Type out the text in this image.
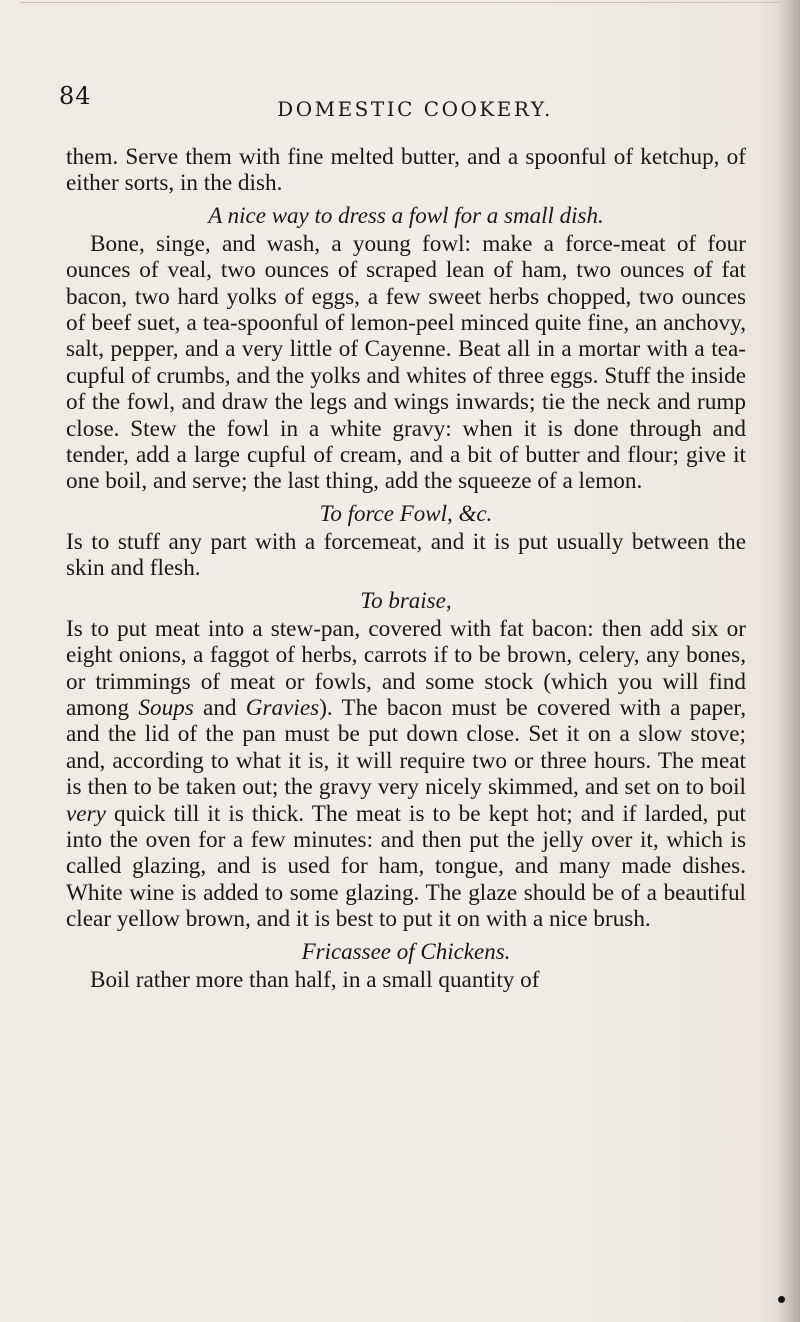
84	DOMESTIC COOKERY.

them. Serve them with fine melted butter, and a spoonful of ketchup, of either sorts, in the dish.

A nice way to dress a fowl for a small dish.

Bone, singe, and wash, a young fowl: make a force-meat of four ounces of veal, two ounces of scraped lean of ham, two ounces of fat bacon, two hard yolks of eggs, a few sweet herbs chopped, two ounces of beef suet, a tea-spoonful of lemon-peel minced quite fine, an anchovy, salt, pepper, and a very little of Cayenne. Beat all in a mortar with a tea-cupful of crumbs, and the yolks and whites of three eggs. Stuff the inside of the fowl, and draw the legs and wings inwards; tie the neck and rump close. Stew the fowl in a white gravy: when it is done through and tender, add a large cupful of cream, and a bit of butter and flour; give it one boil, and serve; the last thing, add the squeeze of a lemon.

To force Fowl, &c.

Is to stuff any part with a forcemeat, and it is put usually between the skin and flesh.

To braise,

Is to put meat into a stew-pan, covered with fat bacon: then add six or eight onions, a faggot of herbs, carrots if to be brown, celery, any bones, or trimmings of meat or fowls, and some stock (which you will find among Soups and Gravies). The bacon must be covered with a paper, and the lid of the pan must be put down close. Set it on a slow stove; and, according to what it is, it will require two or three hours. The meat is then to be taken out; the gravy very nicely skimmed, and set on to boil very quick till it is thick. The meat is to be kept hot; and if larded, put into the oven for a few minutes: and then put the jelly over it, which is called glazing, and is used for ham, tongue, and many made dishes. White wine is added to some glazing. The glaze should be of a beautiful clear yellow brown, and it is best to put it on with a nice brush.

Fricassee of Chickens.

Boil rather more than half, in a small quantity of
